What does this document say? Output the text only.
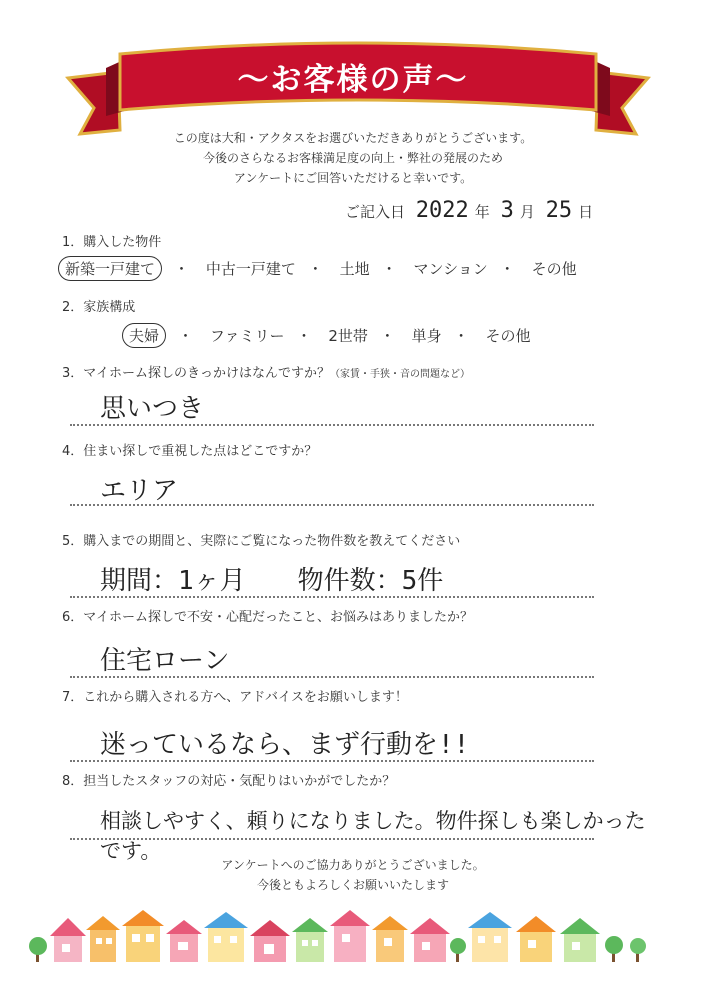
～お客様の声～
この度は大和・アクタスをお選びいただきありがとうございます。
今後のさらなるお客様満足度の向上・弊社の発展のため
アンケートにご回答いただけると幸いです。
ご記入日 2022 年 3 月 25 日
1．購入した物件
新築一戸建て ・ 中古一戸建て ・ 土地 ・ マンション ・ その他
2．家族構成
夫婦 ・ ファミリー ・ 2世帯 ・ 単身 ・ その他
3．マイホーム探しのきっかけはなんですか？（家賃・手狭・音の問題など）
思いつき
4．住まい探しで重視した点はどこですか？
エリア
5．購入までの期間と、実際にご覧になった物件数を教えてください
期間：1ヶ月　　物件数：5件
6．マイホーム探しで不安・心配だったこと、お悩みはありましたか？
住宅ローン
7．これから購入される方へ、アドバイスをお願いします！
迷っているなら、まず行動を!!
8．担当したスタッフの対応・気配りはいかがでしたか？
相談しやすく、頼りになりました。物件探しも楽しかったです。
アンケートへのご協力ありがとうございました。
今後ともよろしくお願いいたします
